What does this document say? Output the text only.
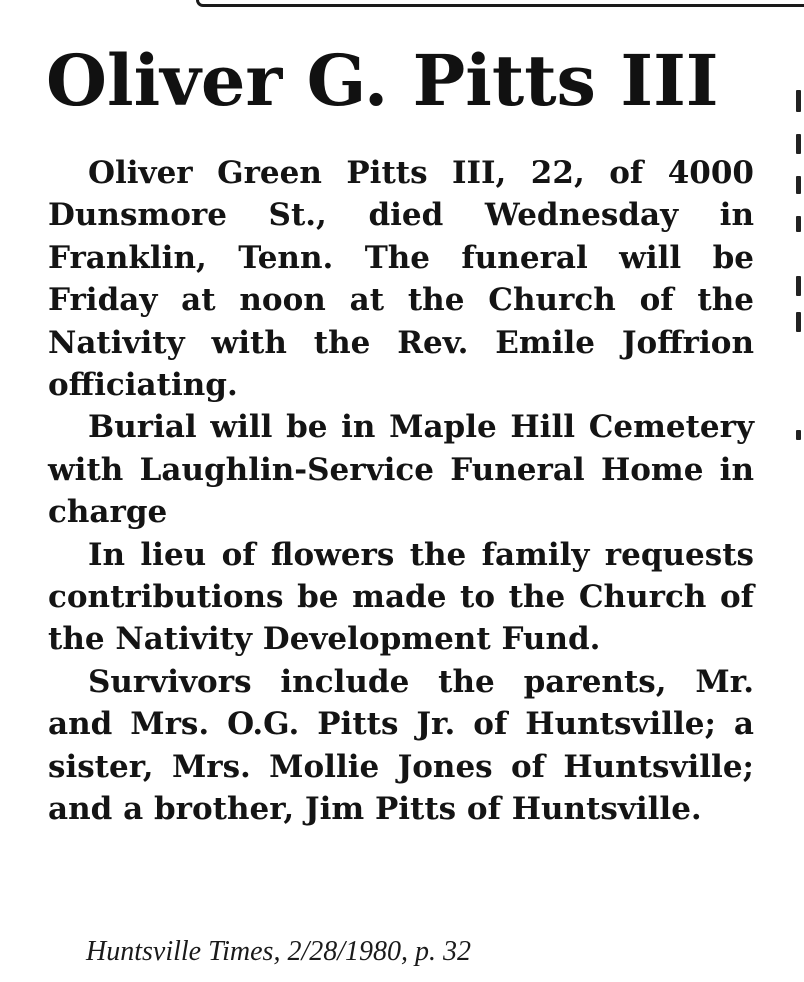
Oliver G. Pitts III

Oliver Green Pitts III, 22, of 4000 Dunsmore St., died Wednesday in Franklin, Tenn. The funeral will be Friday at noon at the Church of the Nativity with the Rev. Emile Joffrion officiating.

Burial will be in Maple Hill Cemetery with Laughlin-Service Funeral Home in charge

In lieu of flowers the family requests contributions be made to the Church of the Nativity Development Fund.

Survivors include the parents, Mr. and Mrs. O.G. Pitts Jr. of Huntsville; a sister, Mrs. Mollie Jones of Huntsville; and a brother, Jim Pitts of Huntsville.

Huntsville Times, 2/28/1980, p. 32
